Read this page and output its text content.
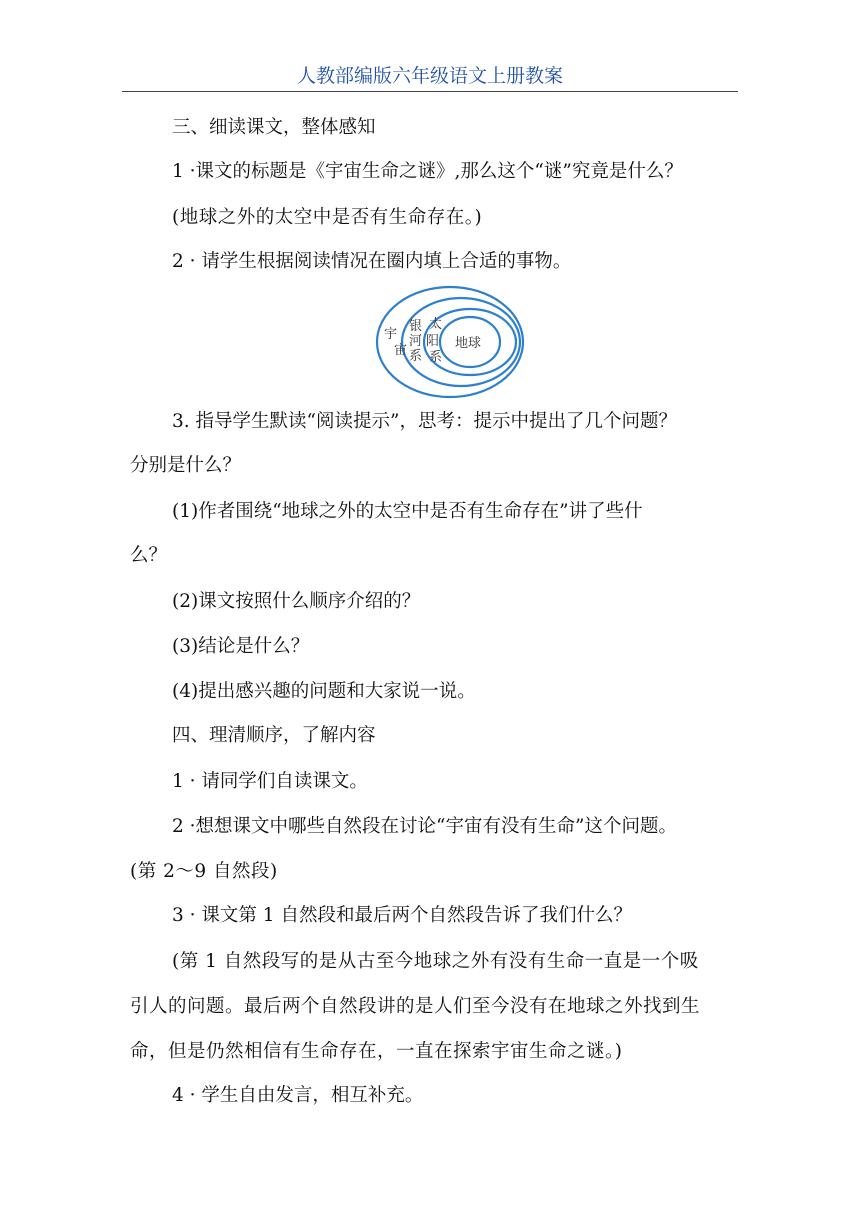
人教部编版六年级语文上册教案
三、细读课文，整体感知
1 ·课文的标题是《宇宙生命之谜》,那么这个“谜”究竟是什么？
(地球之外的太空中是否有生命存在。)
2 · 请学生根据阅读情况在圈内填上合适的事物。
宇
宙
银
河
系
太
阳
系
地球
3. 指导学生默读“阅读提示”，思考：提示中提出了几个问题？
分别是什么？
(1)作者围绕“地球之外的太空中是否有生命存在”讲了些什
么？
(2)课文按照什么顺序介绍的？
(3)结论是什么？
(4)提出感兴趣的问题和大家说一说。
四、理清顺序，了解内容
1 · 请同学们自读课文。
2 ·想想课文中哪些自然段在讨论“宇宙有没有生命”这个问题。
(第 2～9 自然段)
3 · 课文第 1 自然段和最后两个自然段告诉了我们什么？
(第 1 自然段写的是从古至今地球之外有没有生命一直是一个吸
引人的问题。最后两个自然段讲的是人们至今没有在地球之外找到生
命，但是仍然相信有生命存在，一直在探索宇宙生命之谜。)
4 · 学生自由发言，相互补充。
